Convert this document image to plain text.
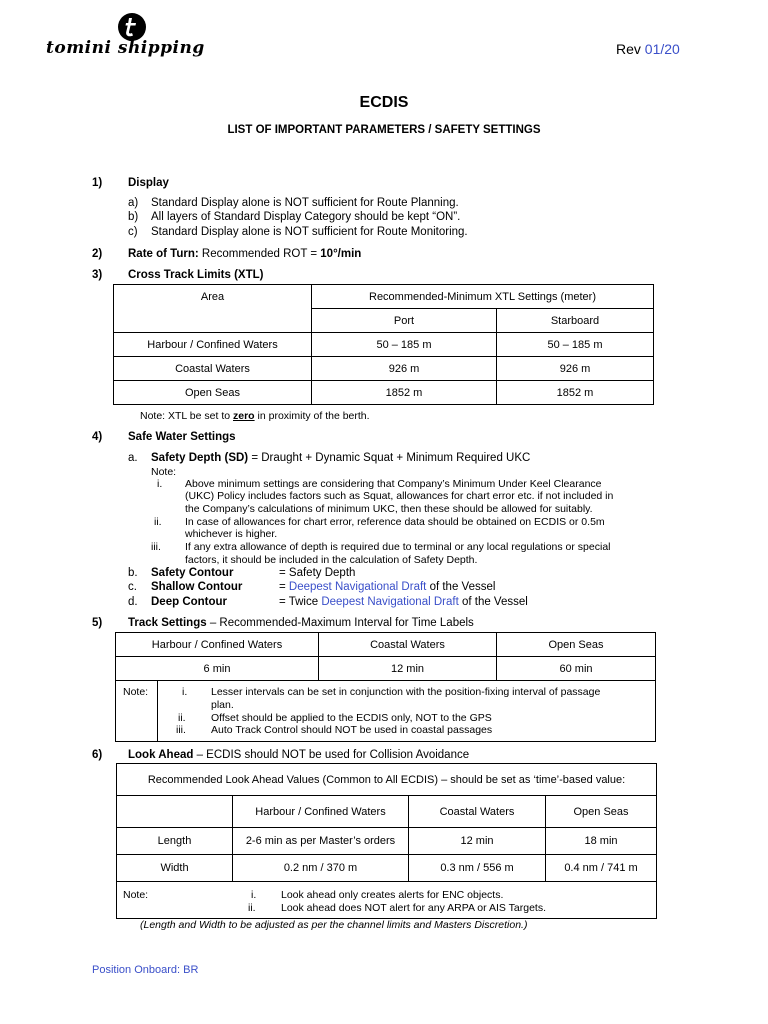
tomini shipping	Rev 01/20
ECDIS
LIST OF IMPORTANT PARAMETERS / SAFETY SETTINGS
1) Display
a) Standard Display alone is NOT sufficient for Route Planning.
b) All layers of Standard Display Category should be kept “ON”.
c) Standard Display alone is NOT sufficient for Route Monitoring.
2) Rate of Turn: Recommended ROT = 10°/min
3) Cross Track Limits (XTL)
Area	Recommended-Minimum XTL Settings (meter)	
	Port	Starboard
Harbour / Confined Waters	50 – 185 m	50 – 185 m
Coastal Waters	926 m	926 m
Open Seas	1852 m	1852 m
Note: XTL be set to zero in proximity of the berth.
4) Safe Water Settings
a. Safety Depth (SD) = Draught + Dynamic Squat + Minimum Required UKC
Note:
i. Above minimum settings are considering that Company’s Minimum Under Keel Clearance
(UKC) Policy includes factors such as Squat, allowances for chart error etc. if not included in
the Company’s calculations of minimum UKC, then these should be allowed for suitably.
ii. In case of allowances for chart error, reference data should be obtained on ECDIS or 0.5m
whichever is higher.
iii. If any extra allowance of depth is required due to terminal or any local regulations or special
factors, it should be included in the calculation of Safety Depth.
b. Safety Contour	= Safety Depth
c. Shallow Contour	= Deepest Navigational Draft of the Vessel
d. Deep Contour	= Twice Deepest Navigational Draft of the Vessel
5) Track Settings – Recommended-Maximum Interval for Time Labels
Harbour / Confined Waters	Coastal Waters	Open Seas
6 min	12 min	60 min
Note:	i. Lesser intervals can be set in conjunction with the position-fixing interval of passage
plan.
ii. Offset should be applied to the ECDIS only, NOT to the GPS
iii. Auto Track Control should NOT be used in coastal passages
6) Look Ahead – ECDIS should NOT be used for Collision Avoidance
Recommended Look Ahead Values (Common to All ECDIS) – should be set as ‘time’-based value:			
	Harbour / Confined Waters	Coastal Waters	Open Seas
Length	2-6 min as per Master’s orders	12 min	18 min
Width	0.2 nm / 370 m	0.3 nm / 556 m	0.4 nm / 741 m
Note:	i. Look ahead only creates alerts for ENC objects.
ii. Look ahead does NOT alert for any ARPA or AIS Targets.
(Length and Width to be adjusted as per the channel limits and Masters Discretion.)
Position Onboard: BR
